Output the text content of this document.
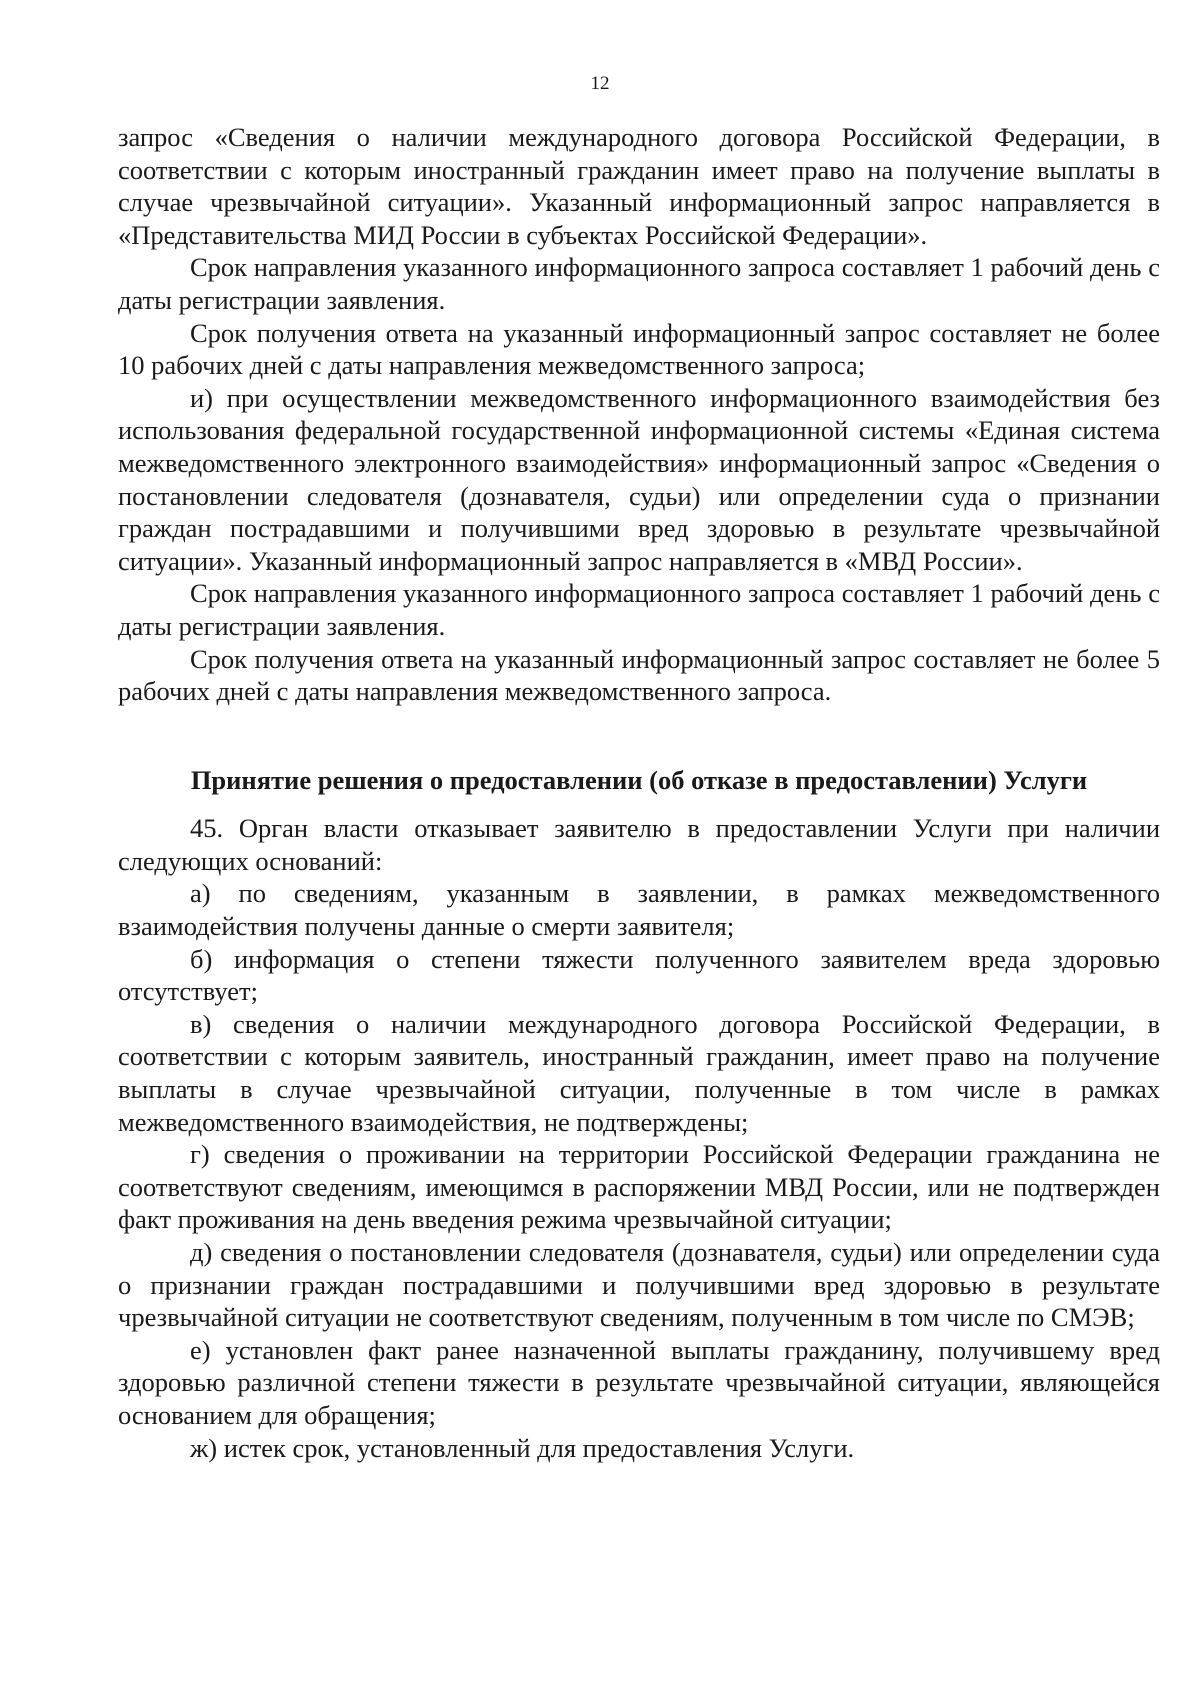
12

запрос «Сведения о наличии международного договора Российской Федерации, в соответствии с которым иностранный гражданин имеет право на получение выплаты в случае чрезвычайной ситуации». Указанный информационный запрос направляется в «Представительства МИД России в субъектах Российской Федерации».

Срок направления указанного информационного запроса составляет 1 рабочий день с даты регистрации заявления.

Срок получения ответа на указанный информационный запрос составляет не более 10 рабочих дней с даты направления межведомственного запроса;

и) при осуществлении межведомственного информационного взаимодействия без использования федеральной государственной информационной системы «Единая система межведомственного электронного взаимодействия» информационный запрос «Сведения о постановлении следователя (дознавателя, судьи) или определении суда о признании граждан пострадавшими и получившими вред здоровью в результате чрезвычайной ситуации». Указанный информационный запрос направляется в «МВД России».

Срок направления указанного информационного запроса составляет 1 рабочий день с даты регистрации заявления.

Срок получения ответа на указанный информационный запрос составляет не более 5 рабочих дней с даты направления межведомственного запроса.

Принятие решения о предоставлении (об отказе в предоставлении) Услуги

45. Орган власти отказывает заявителю в предоставлении Услуги при наличии следующих оснований:

а) по сведениям, указанным в заявлении, в рамках межведомственного взаимодействия получены данные о смерти заявителя;

б) информация о степени тяжести полученного заявителем вреда здоровью отсутствует;

в) сведения о наличии международного договора Российской Федерации, в соответствии с которым заявитель, иностранный гражданин, имеет право на получение выплаты в случае чрезвычайной ситуации, полученные в том числе в рамках межведомственного взаимодействия, не подтверждены;

г) сведения о проживании на территории Российской Федерации гражданина не соответствуют сведениям, имеющимся в распоряжении МВД России, или не подтвержден факт проживания на день введения режима чрезвычайной ситуации;

д) сведения о постановлении следователя (дознавателя, судьи) или определении суда о признании граждан пострадавшими и получившими вред здоровью в результате чрезвычайной ситуации не соответствуют сведениям, полученным в том числе по СМЭВ;

е) установлен факт ранее назначенной выплаты гражданину, получившему вред здоровью различной степени тяжести в результате чрезвычайной ситуации, являющейся основанием для обращения;

ж) истек срок, установленный для предоставления Услуги.
